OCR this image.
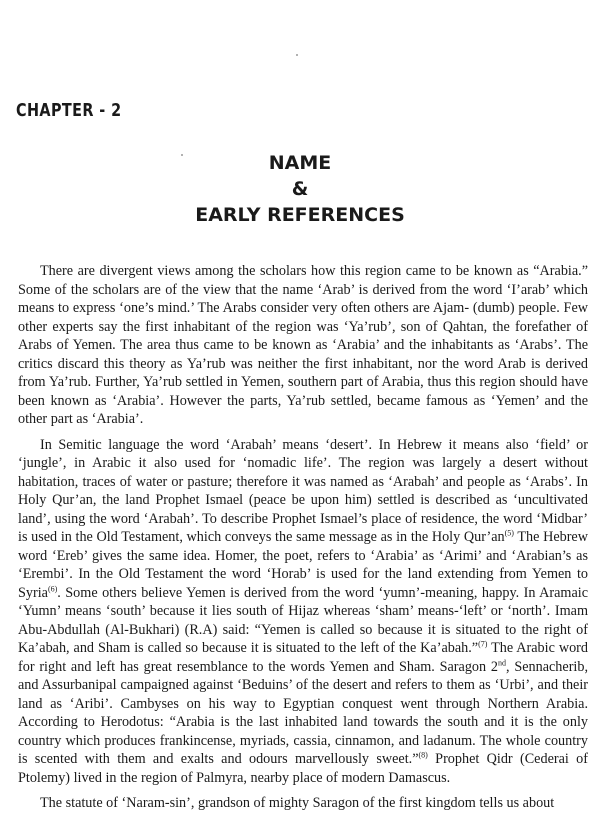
CHAPTER - 2
NAME
&
EARLY REFERENCES

There are divergent views among the scholars how this region came to be known as “Arabia.” Some of the scholars are of the view that the name ‘Arab’ is derived from the word ‘I’arab’ which means to express ‘one’s mind.’ The Arabs consider very often others are Ajam- (dumb) people. Few other experts say the first inhabitant of the region was ‘Ya’rub’, son of Qahtan, the forefather of Arabs of Yemen. The area thus came to be known as ‘Arabia’ and the inhabitants as ‘Arabs’. The critics discard this theory as Ya’rub was neither the first inhabitant, nor the word Arab is derived from Ya’rub. Further, Ya’rub settled in Yemen, southern part of Arabia, thus this region should have been known as ‘Arabia’. However the parts, Ya’rub settled, became famous as ‘Yemen’ and the other part as ‘Arabia’.

In Semitic language the word ‘Arabah’ means ‘desert’. In Hebrew it means also ‘field’ or ‘jungle’, in Arabic it also used for ‘nomadic life’. The region was largely a desert without habitation, traces of water or pasture; therefore it was named as ‘Arabah’ and people as ‘Arabs’. In Holy Qur’an, the land Prophet Ismael (peace be upon him) settled is described as ‘uncultivated land’, using the word ‘Arabah’. To describe Prophet Ismael’s place of residence, the word ‘Midbar’ is used in the Old Testament, which conveys the same message as in the Holy $Qur’an^{(5)}$ The Hebrew word ‘Ereb’ gives the same idea. Homer, the poet, refers to ‘Arabia’ as ‘Arimi’ and ‘Arabian’s as ‘Erembi’. In the Old Testament the word ‘Horab’ is used for the land extending from Yemen to Syria$^{(6)}$. Some others believe Yemen is derived from the word ‘yumn’-meaning, happy. In Aramaic ‘Yumn’ means ‘south’ because it lies south of Hijaz whereas ‘sham’ means-‘left’ or ‘north’. Imam Abu-Abdullah (Al-Bukhari) (R.A) said: “Yemen is called so because it is situated to the right of Ka’abah, and Sham is called so because it is situated to the left of the Ka’abah.”$^{(7)}$ The Arabic word for right and left has great resemblance to the words Yemen and Sham. Saragon 2nd, Sennacherib, and Assurbanipal campaigned against ‘Beduins’ of the desert and refers to them as ‘Urbi’, and their land as ‘Aribi’. Cambyses on his way to Egyptian conquest went through Northern Arabia. According to Herodotus: “Arabia is the last inhabited land towards the south and it is the only country which produces frankincense, myriads, cassia, cinnamon, and ladanum. The whole country is scented with them and exalts and odours marvellously sweet.”$^{(8)}$ Prophet Qidr (Cederai of Ptolemy) lived in the region of Palmyra, nearby place of modern Damascus.

The statute of ‘Naram-sin’, grandson of mighty Saragon of the first kingdom tells us about
